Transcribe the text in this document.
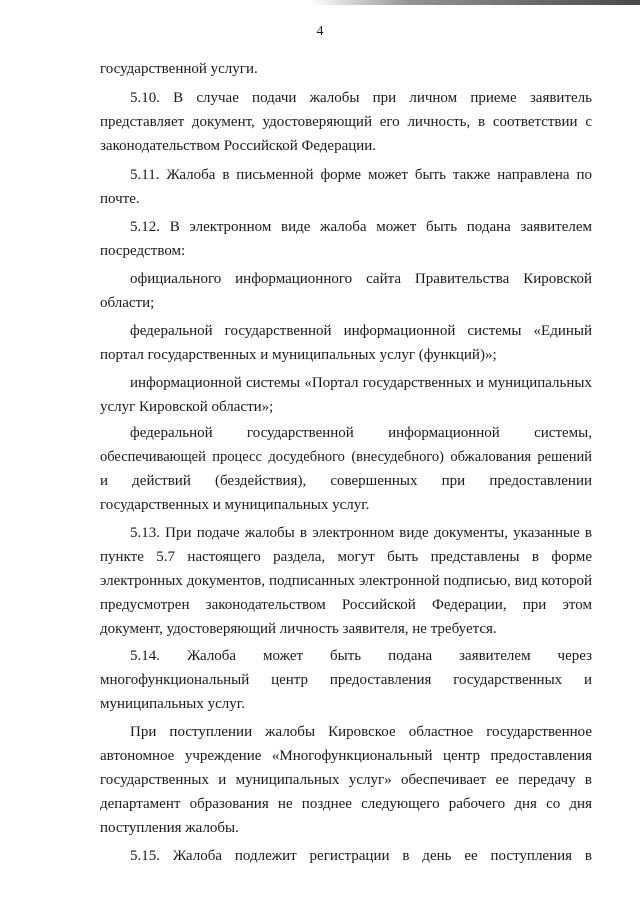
4
государственной услуги.
5.10. В случае подачи жалобы при личном приеме заявитель
представляет документ, удостоверяющий его личность, в соответствии с
законодательством Российской Федерации.
5.11. Жалоба в письменной форме может быть также направлена по
почте.
5.12. В электронном виде жалоба может быть подана заявителем
посредством:
официального информационного сайта Правительства Кировской
области;
федеральной государственной информационной системы «Единый
портал государственных и муниципальных услуг (функций)»;
информационной системы «Портал государственных и муниципальных
услуг Кировской области»;
федеральной государственной информационной системы,
обеспечивающей процесс досудебного (внесудебного) обжалования решений
и действий (бездействия), совершенных при предоставлении
государственных и муниципальных услуг.
5.13. При подаче жалобы в электронном виде документы, указанные в
пункте 5.7 настоящего раздела, могут быть представлены в форме
электронных документов, подписанных электронной подписью, вид которой
предусмотрен законодательством Российской Федерации, при этом
документ, удостоверяющий личность заявителя, не требуется.
5.14. Жалоба может быть подана заявителем через
многофункциональный центр предоставления государственных и
муниципальных услуг.
При поступлении жалобы Кировское областное государственное
автономное учреждение «Многофункциональный центр предоставления
государственных и муниципальных услуг» обеспечивает ее передачу в
департамент образования не позднее следующего рабочего дня со дня
поступления жалобы.
5.15. Жалоба подлежит регистрации в день ее поступления в
